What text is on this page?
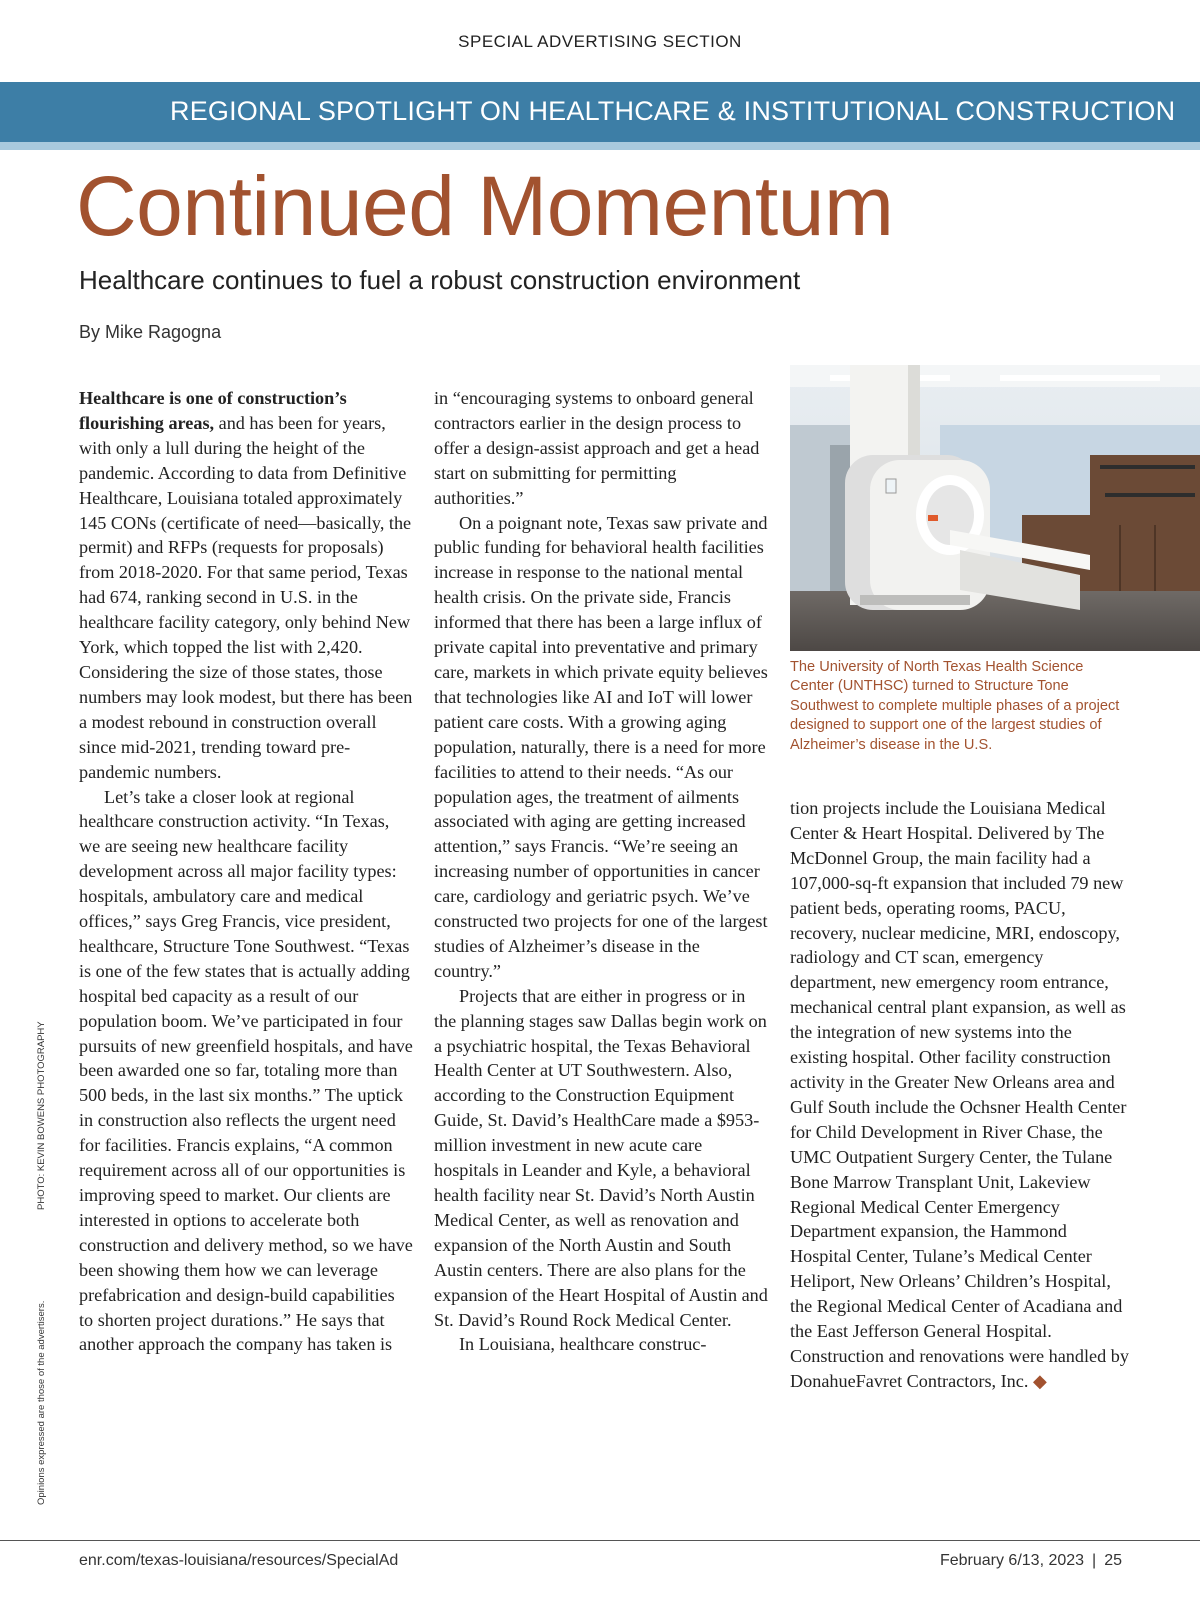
SPECIAL ADVERTISING SECTION
REGIONAL SPOTLIGHT ON HEALTHCARE & INSTITUTIONAL CONSTRUCTION
Continued Momentum
Healthcare continues to fuel a robust construction environment
By Mike Ragogna

Healthcare is one of construction’s flourishing areas, and has been for years, with only a lull during the height of the pandemic. According to data from Definitive Healthcare, Louisiana totaled approximately 145 CONs (certificate of need—basically, the permit) and RFPs (requests for proposals) from 2018-2020. For that same period, Texas had 674, ranking second in U.S. in the healthcare facility category, only behind New York, which topped the list with 2,420. Considering the size of those states, those numbers may look modest, but there has been a modest rebound in construction overall since mid-2021, trending toward pre-pandemic numbers.

Let’s take a closer look at regional healthcare construction activity. “In Texas, we are seeing new healthcare facility development across all major facility types: hospitals, ambulatory care and medical offices,” says Greg Francis, vice president, healthcare, Structure Tone Southwest. “Texas is one of the few states that is actually adding hospital bed capacity as a result of our population boom. We’ve participated in four pursuits of new greenfield hospitals, and have been awarded one so far, totaling more than 500 beds, in the last six months.” The uptick in construction also reflects the urgent need for facilities. Francis explains, “A common requirement across all of our opportunities is improving speed to market. Our clients are interested in options to accelerate both construction and delivery method, so we have been showing them how we can leverage prefabrication and design-build capabilities to shorten project durations.” He says that another approach the company has taken is

in “encouraging systems to onboard general contractors earlier in the design process to offer a design-assist approach and get a head start on submitting for permitting authorities.”

On a poignant note, Texas saw private and public funding for behavioral health facilities increase in response to the national mental health crisis. On the private side, Francis informed that there has been a large influx of private capital into preventative and primary care, markets in which private equity believes that technologies like AI and IoT will lower patient care costs. With a growing aging population, naturally, there is a need for more facilities to attend to their needs. “As our population ages, the treatment of ailments associated with aging are getting increased attention,” says Francis. “We’re seeing an increasing number of opportunities in cancer care, cardiology and geriatric psych. We’ve constructed two projects for one of the largest studies of Alzheimer’s disease in the country.”

Projects that are either in progress or in the planning stages saw Dallas begin work on a psychiatric hospital, the Texas Behavioral Health Center at UT Southwestern. Also, according to the Construction Equipment Guide, St. David’s HealthCare made a $953-million investment in new acute care hospitals in Leander and Kyle, a behavioral health facility near St. David’s North Austin Medical Center, as well as renovation and expansion of the North Austin and South Austin centers. There are also plans for the expansion of the Heart Hospital of Austin and St. David’s Round Rock Medical Center.

In Louisiana, healthcare construc-

The University of North Texas Health Science Center (UNTHSC) turned to Structure Tone Southwest to complete multiple phases of a project designed to support one of the largest studies of Alzheimer’s disease in the U.S.

tion projects include the Louisiana Medical Center & Heart Hospital. Delivered by The McDonnel Group, the main facility had a 107,000-sq-ft expansion that included 79 new patient beds, operating rooms, PACU, recovery, nuclear medicine, MRI, endoscopy, radiology and CT scan, emergency department, new emergency room entrance, mechanical central plant expansion, as well as the integration of new systems into the existing hospital. Other facility construction activity in the Greater New Orleans area and Gulf South include the Ochsner Health Center for Child Development in River Chase, the UMC Outpatient Surgery Center, the Tulane Bone Marrow Transplant Unit, Lakeview Regional Medical Center Emergency Department expansion, the Hammond Hospital Center, Tulane’s Medical Center Heliport, New Orleans’ Children’s Hospital, the Regional Medical Center of Acadiana and the East Jefferson General Hospital. Construction and renovations were handled by DonahueFavret Contractors, Inc. ◆

PHOTO: KEVIN BOWENS PHOTOGRAPHY
Opinions expressed are those of the advertisers.
enr.com/texas-louisiana/resources/SpecialAd	February 6/13, 2023 | 25
